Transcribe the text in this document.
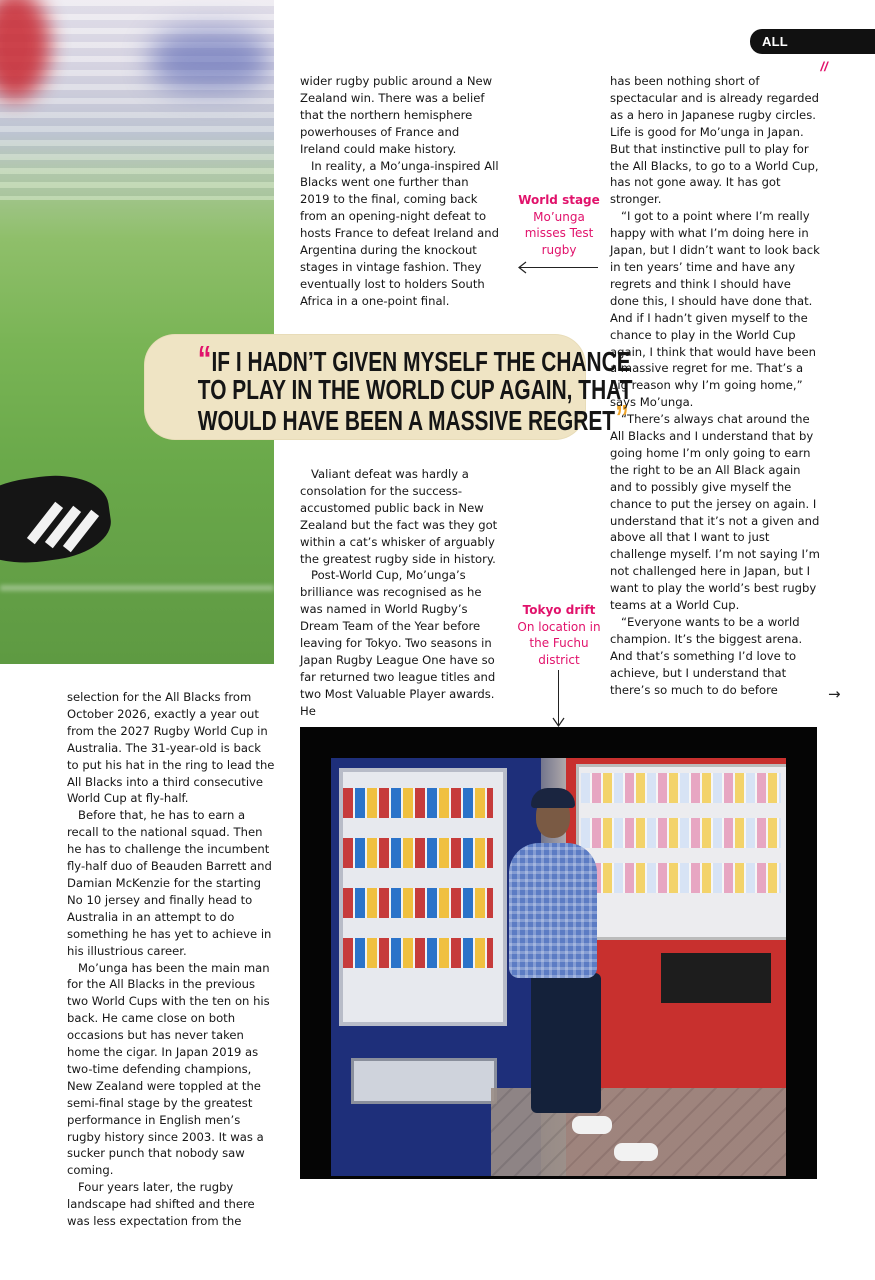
ALL BLACKS // 33

wider rugby public around a New Zealand win. There was a belief that the northern hemisphere powerhouses of France and Ireland could make history.

In reality, a Mo’unga-inspired All Blacks went one further than 2019 to the final, coming back from an opening-night defeat to hosts France to defeat Ireland and Argentina during the knockout stages in vintage fashion. They eventually lost to holders South Africa in a one-point final.

World stage
Mo’unga misses Test rugby
“IF I HADN’T GIVEN MYSELF THE CHANCE
TO PLAY IN THE WORLD CUP AGAIN, THAT
WOULD HAVE BEEN A MASSIVE REGRET”

Valiant defeat was hardly a consolation for the success-accustomed public back in New Zealand but the fact was they got within a cat’s whisker of arguably the greatest rugby side in history.

Post-World Cup, Mo’unga’s brilliance was recognised as he was named in World Rugby’s Dream Team of the Year before leaving for Tokyo. Two seasons in Japan Rugby League One have so far returned two league titles and two Most Valuable Player awards. He

Tokyo drift
On location in the Fuchu district

has been nothing short of spectacular and is already regarded as a hero in Japanese rugby circles. Life is good for Mo’unga in Japan. But that instinctive pull to play for the All Blacks, to go to a World Cup, has not gone away. It has got stronger.

“I got to a point where I’m really happy with what I’m doing here in Japan, but I didn’t want to look back in ten years’ time and have any regrets and think I should have done this, I should have done that. And if I hadn’t given myself to the chance to play in the World Cup again, I think that would have been a massive regret for me. That’s a big reason why I’m going home,” says Mo’unga.

“There’s always chat around the All Blacks and I understand that by going home I’m only going to earn the right to be an All Black again and to possibly give myself the chance to put the jersey on again. I understand that it’s not a given and above all that I want to just challenge myself. I’m not saying I’m not challenged here in Japan, but I want to play the world’s best rugby teams at a World Cup.

“Everyone wants to be a world champion. It’s the biggest arena. And that’s something I’d love to achieve, but I understand that there’s so much to do before	→

selection for the All Blacks from October 2026, exactly a year out from the 2027 Rugby World Cup in Australia. The 31-year-old is back to put his hat in the ring to lead the All Blacks into a third consecutive World Cup at fly-half.

Before that, he has to earn a recall to the national squad. Then he has to challenge the incumbent fly-half duo of Beauden Barrett and Damian McKenzie for the starting No 10 jersey and finally head to Australia in an attempt to do something he has yet to achieve in his illustrious career.

Mo’unga has been the main man for the All Blacks in the previous two World Cups with the ten on his back. He came close on both occasions but has never taken home the cigar. In Japan 2019 as two-time defending champions, New Zealand were toppled at the semi-final stage by the greatest performance in English men’s rugby history since 2003. It was a sucker punch that nobody saw coming.

Four years later, the rugby landscape had shifted and there was less expectation from the
